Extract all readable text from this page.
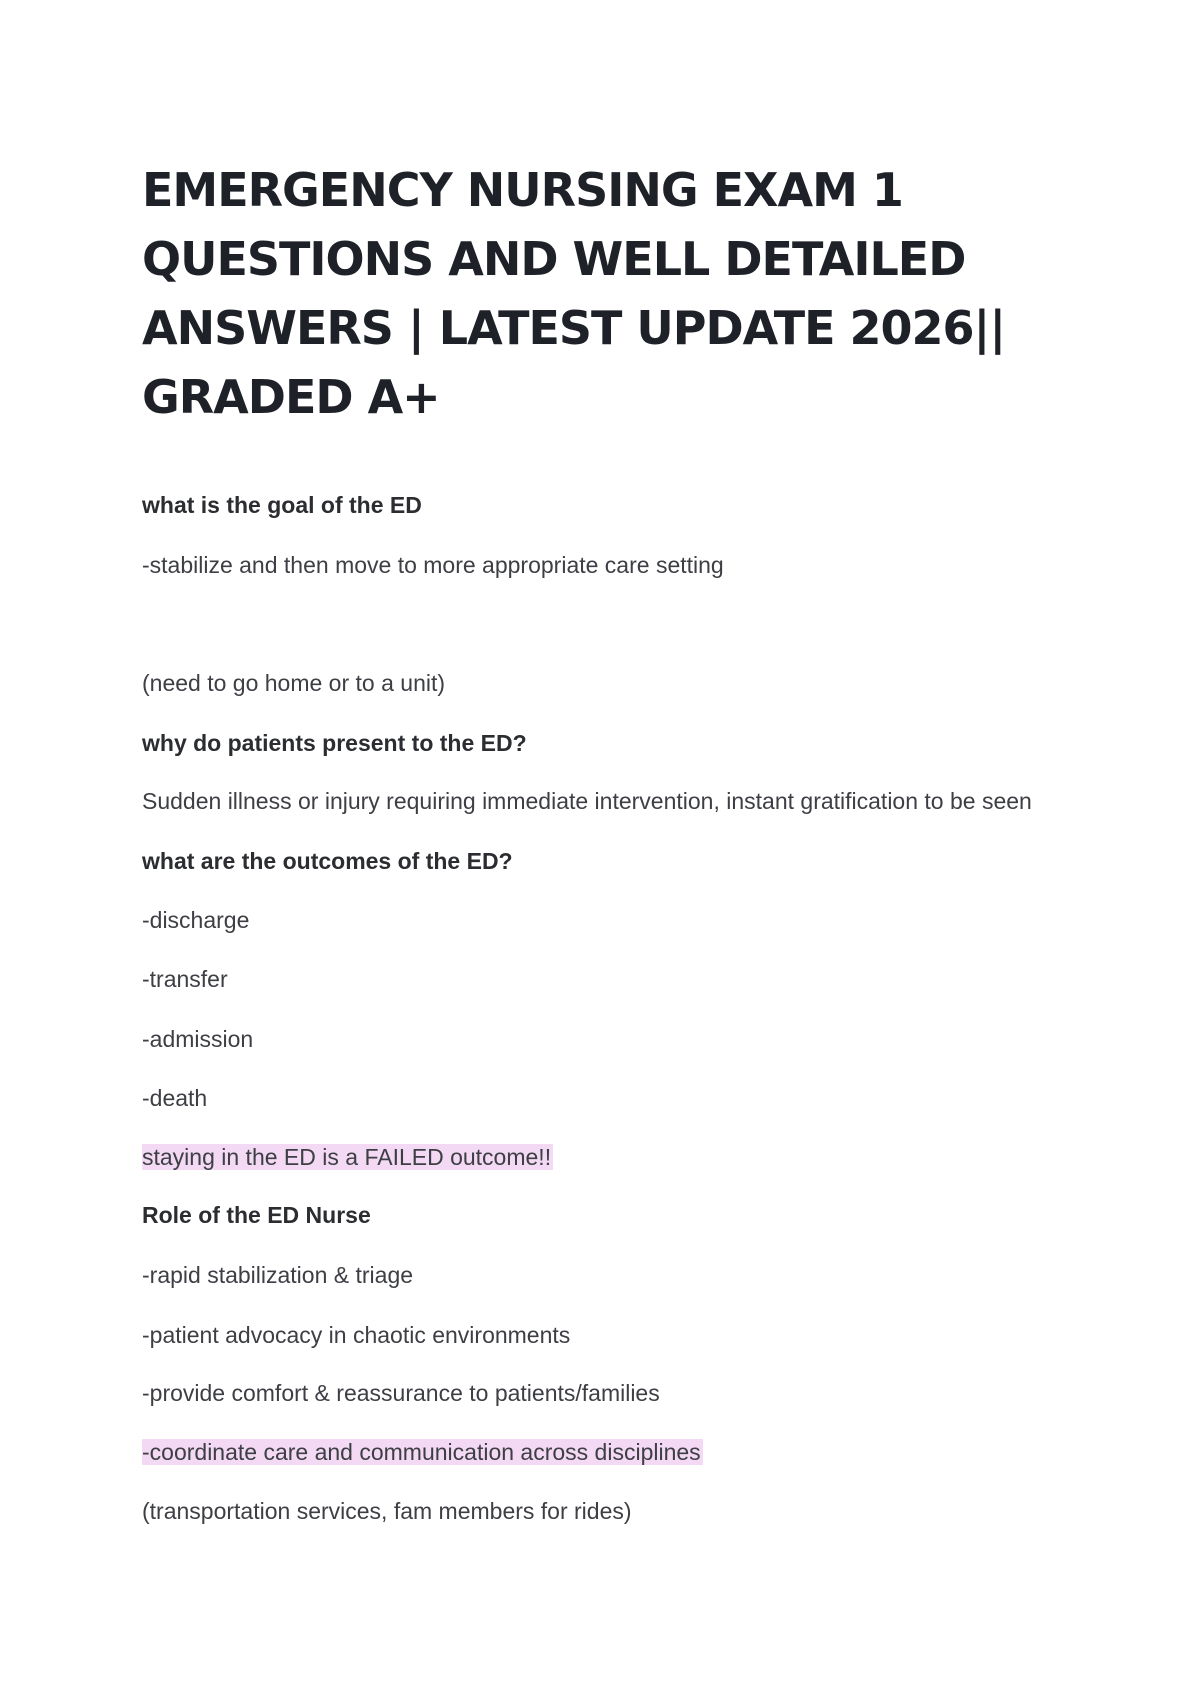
EMERGENCY NURSING EXAM 1
QUESTIONS AND WELL DETAILED
ANSWERS | LATEST UPDATE 2026||
GRADED A+
what is the goal of the ED
-stabilize and then move to more appropriate care setting
(need to go home or to a unit)
why do patients present to the ED?
Sudden illness or injury requiring immediate intervention, instant gratification to be seen
what are the outcomes of the ED?
-discharge
-transfer
-admission
-death
staying in the ED is a FAILED outcome!!
Role of the ED Nurse
-rapid stabilization & triage
-patient advocacy in chaotic environments
-provide comfort & reassurance to patients/families
-coordinate care and communication across disciplines
(transportation services, fam members for rides)
